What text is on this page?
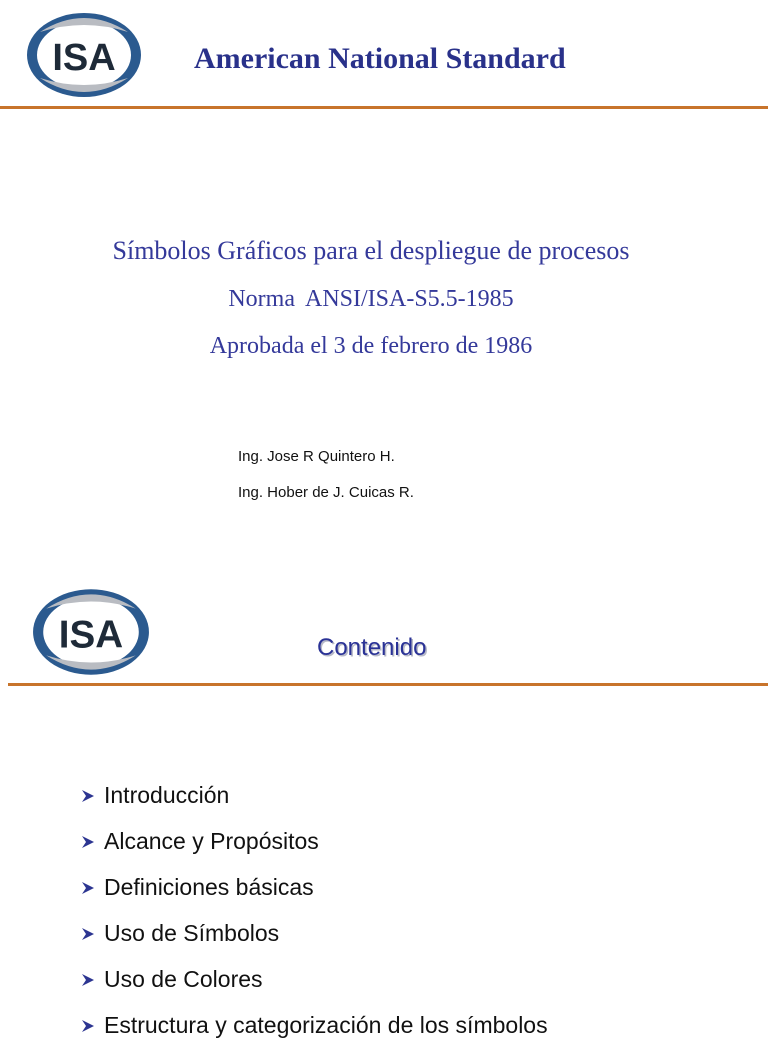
ISA	American National Standard
Símbolos Gráficos para el despliegue de procesos
Norma ANSI/ISA-S5.5-1985
Aprobada el 3 de febrero de 1986
Ing. Jose R Quintero H.
Ing. Hober de J. Cuicas R.
ISA	Contenido
Introducción
Alcance y Propósitos
Definiciones básicas
Uso de Símbolos
Uso de Colores
Estructura y categorización de los símbolos
